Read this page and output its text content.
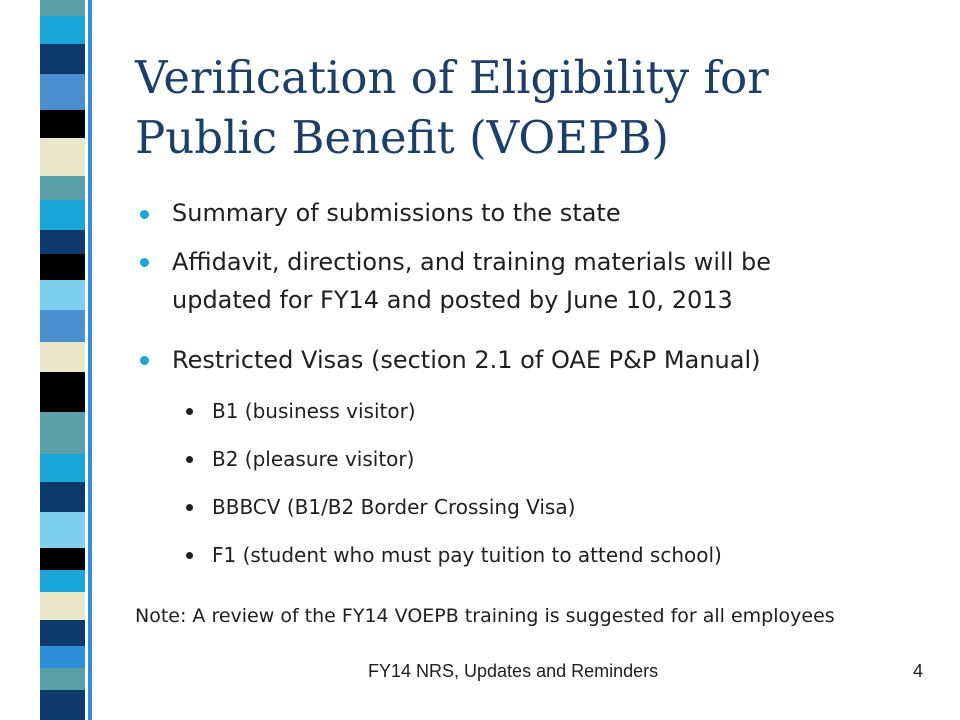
Verification of Eligibility for
Public Benefit (VOEPB)
Summary of submissions to the state
Affidavit, directions, and training materials will be
updated for FY14 and posted by June 10, 2013
Restricted Visas (section 2.1 of OAE P&P Manual)
B1 (business visitor)
B2 (pleasure visitor)
BBBCV (B1/B2 Border Crossing Visa)
F1 (student who must pay tuition to attend school)

Note: A review of the FY14 VOEPB training is suggested for all employees

FY14 NRS, Updates and Reminders	4
